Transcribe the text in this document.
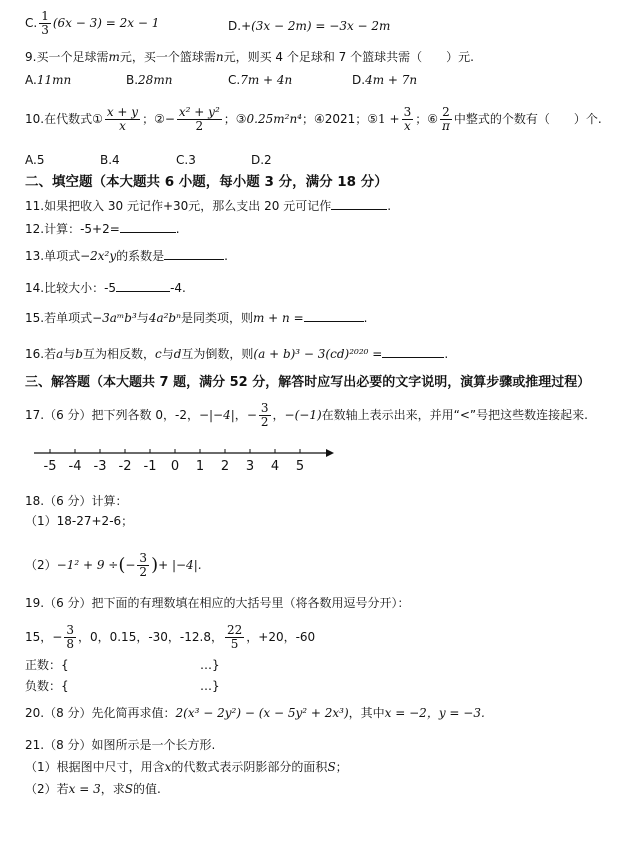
C. $\frac{1}{3} (6x - 3) = 2x - 1$	D.+(3x − 2m) = −3x − 2m
9.买一个足球需m元，买一个篮球需n元，则买 4 个足球和 7 个篮球共需（　　）元.
A.11mn	B.28mn	C.7m + 4n	D.4m + 7n
10.在代数式① $\frac{x + y}{x}$ ；②− $\frac{\text{x² + y²}}{2}$ ；③0.25m²n⁴；④2021；⑤1 + $\frac{3}{x}$ ；⑥ $\frac{2}{\pi}$ 中整式的个数有（　　）个.
A.5	B.4	C.3	D.2
二、填空题（本大题共 6 小题，每小题 3 分，满分 18 分）
11.如果把收入 30 元记作+30元，那么支出 20 元可记作	.
12.计算：-5+2=	.
13.单项式−2x²y的系数是	.
14.比较大小：-5	-4.
15.若单项式−3aᵐb³与4a²bⁿ是同类项，则m + n =	.
16.若a与b互为相反数，c与d互为倒数，则(a + b)³ − 3(cd)²⁰²⁰ =	.
三、解答题（本大题共 7 题，满分 52 分，解答时应写出必要的文字说明，演算步骤或推理过程）
17.（6 分）把下列各数 0，-2，−|−4|，− $\frac{3}{2}$ ，−(−1)在数轴上表示出来，并用“<”号把这些数连接起来.
-5 -4 -3 -2 -1 0 1 2 3 4 5
18.（6 分）计算：
（1）18-27+2-6；
（2）−1² + 9 ÷(− $\frac{3}{2}$ )+ |−4|.
19.（6 分）把下面的有理数填在相应的大括号里（将各数用逗号分开）：
15，− $\frac{3}{8}$ ，0，0.15，-30，-12.8， $\frac{22}{5}$ ，+20，-60
正数：{	…}
负数：{	…}
20.（8 分）先化简再求值：2(x³ − 2y²) − (x − 5y² + 2x³)，其中x = −2，y = −3.
21.（8 分）如图所示是一个长方形.
（1）根据图中尺寸，用含x的代数式表示阴影部分的面积S；
（2）若x = 3，求S的值.
